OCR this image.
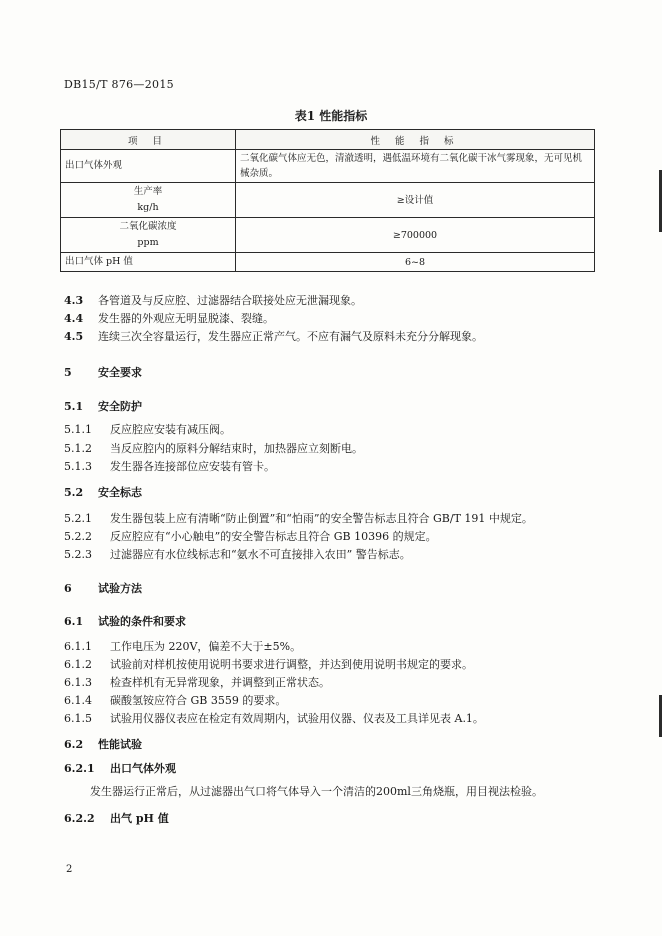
DB15/T 876—2015
表1 性能指标
项 目	性 能 指 标
出口气体外观	二氧化碳气体应无色，清澈透明，遇低温环境有二氧化碳干冰气雾现象，无可见机械杂质。

生产率
kg/h	≥设计值

二氧化碳浓度
ppm	≥700000
出口气体 pH 值	6~8
4.3 各管道及与反应腔、过滤器结合联接处应无泄漏现象。
4.4 发生器的外观应无明显脱漆、裂缝。
4.5 连续三次全容量运行，发生器应正常产气。不应有漏气及原料未充分分解现象。
5 安全要求
5.1 安全防护
5.1.1 反应腔应安装有减压阀。
5.1.2 当反应腔内的原料分解结束时，加热器应立刻断电。
5.1.3 发生器各连接部位应安装有管卡。
5.2 安全标志
5.2.1 发生器包装上应有清晰“防止倒置”和“怕雨”的安全警告标志且符合 GB/T 191 中规定。
5.2.2 反应腔应有“小心触电”的安全警告标志且符合 GB 10396 的规定。
5.2.3 过滤器应有水位线标志和“氨水不可直接排入农田” 警告标志。
6 试验方法
6.1 试验的条件和要求
6.1.1 工作电压为 220V，偏差不大于±5%。
6.1.2 试验前对样机按使用说明书要求进行调整，并达到使用说明书规定的要求。
6.1.3 检查样机有无异常现象，并调整到正常状态。
6.1.4 碳酸氢铵应符合 GB 3559 的要求。
6.1.5 试验用仪器仪表应在检定有效周期内，试验用仪器、仪表及工具详见表 A.1。
6.2 性能试验
6.2.1 出口气体外观
发生器运行正常后，从过滤器出气口将气体导入一个清洁的200ml三角烧瓶，用目视法检验。
6.2.2 出气 pH 值
2
